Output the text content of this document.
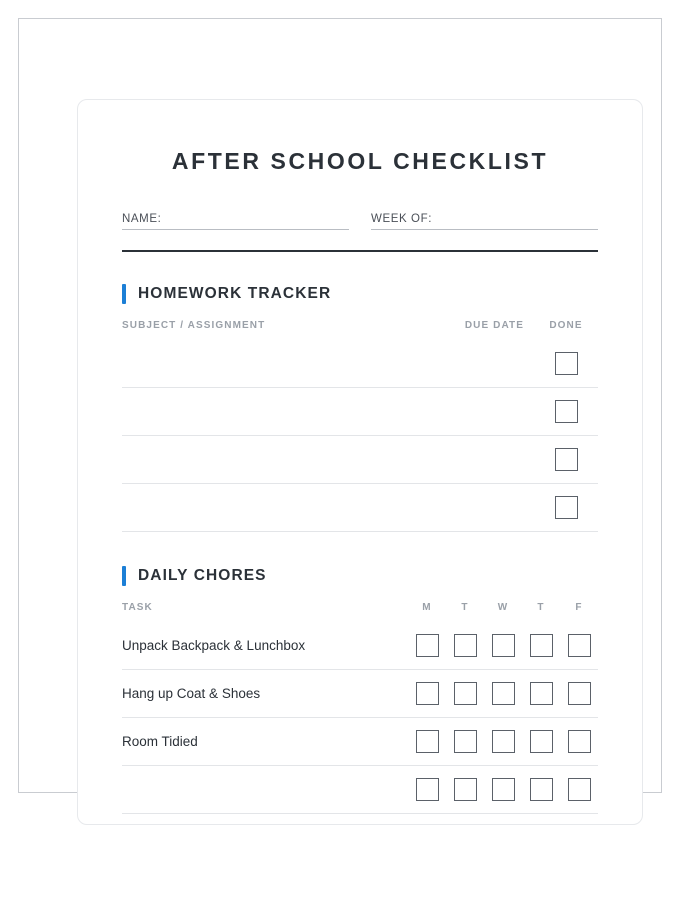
AFTER SCHOOL CHECKLIST
NAME:	WEEK OF:
HOMEWORK TRACKER
SUBJECT / ASSIGNMENT	DUE DATE	DONE
DAILY CHORES
TASK	M	T	W	T	F
Unpack Backpack & Lunchbox
Hang up Coat & Shoes
Room Tidied
